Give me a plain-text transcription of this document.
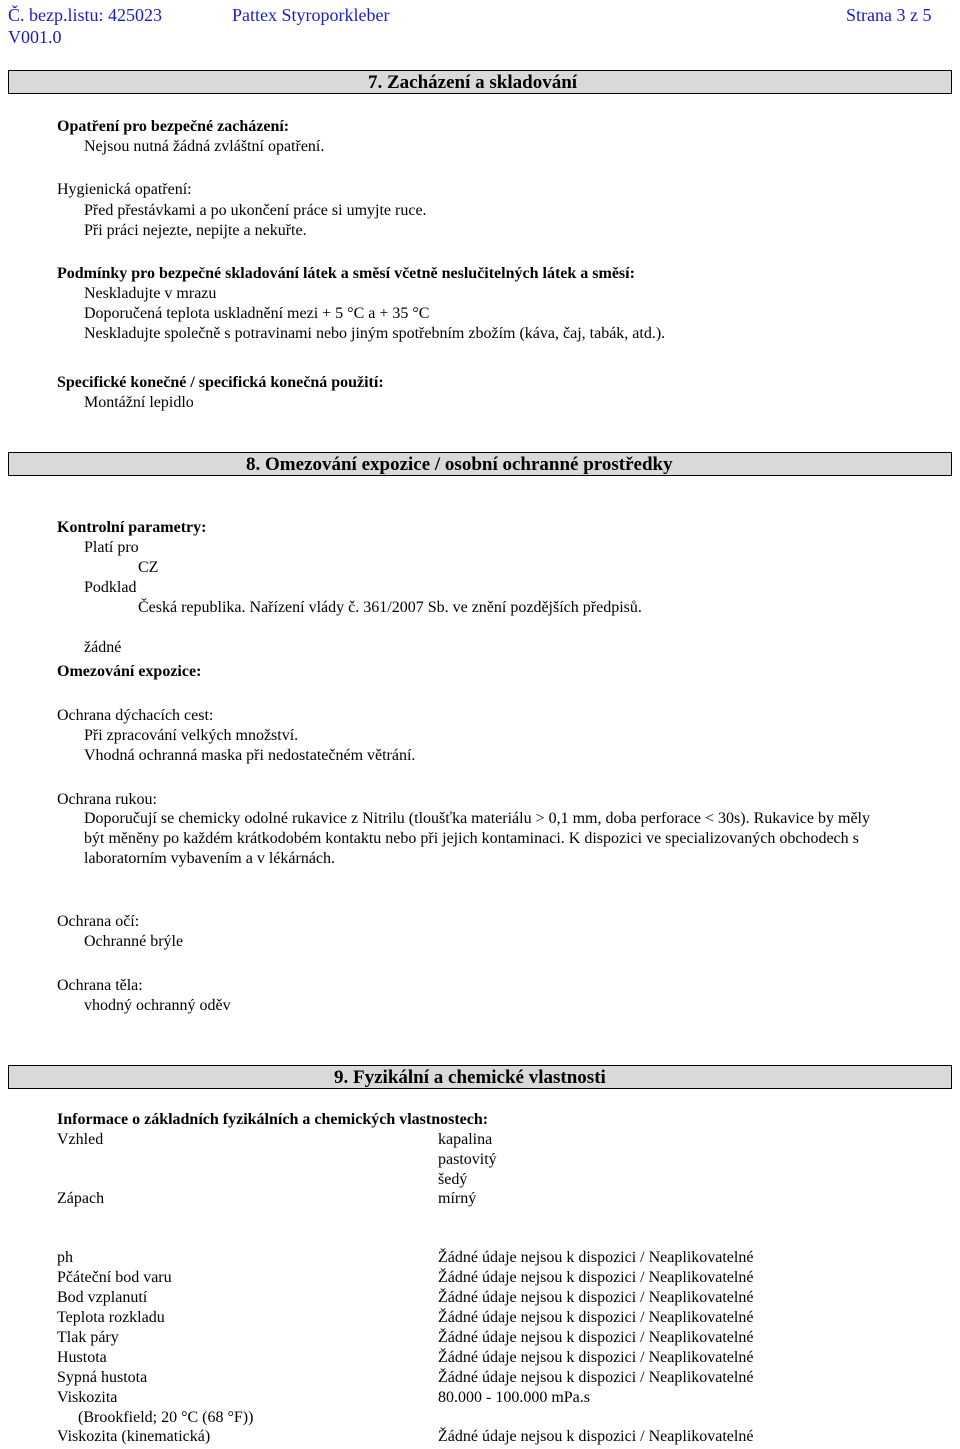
Č. bezp.listu: 425023	Pattex Styroporkleber	Strana 3 z 5
V001.0
7. Zacházení a skladování
Opatření pro bezpečné zacházení:
Nejsou nutná žádná zvláštní opatření.
Hygienická opatření:
Před přestávkami a po ukončení práce si umyjte ruce.
Při práci nejezte, nepijte a nekuřte.
Podmínky pro bezpečné skladování látek a směsí včetně neslučitelných látek a směsí:
Neskladujte v mrazu
Doporučená teplota uskladnění mezi + 5 °C a + 35 °C
Neskladujte společně s potravinami nebo jiným spotřebním zbožím (káva, čaj, tabák, atd.).
Specifické konečné / specifická konečná použití:
Montážní lepidlo
8. Omezování expozice / osobní ochranné prostředky
Kontrolní parametry:
Platí pro
CZ
Podklad
Česká republika. Nařízení vlády č. 361/2007 Sb. ve znění pozdějších předpisů.
žádné
Omezování expozice:
Ochrana dýchacích cest:
Při zpracování velkých množství.
Vhodná ochranná maska při nedostatečném větrání.
Ochrana rukou:
Doporučují se chemicky odolné rukavice z Nitrilu (tloušťka materiálu > 0,1 mm, doba perforace < 30s). Rukavice by měly
být měněny po každém krátkodobém kontaktu nebo při jejich kontaminaci. K dispozici ve specializovaných obchodech s
laboratorním vybavením a v lékárnách.
Ochrana očí:
Ochranné brýle
Ochrana těla:
vhodný ochranný oděv
9. Fyzikální a chemické vlastnosti
Informace o základních fyzikálních a chemických vlastnostech:
Vzhled	kapalina
pastovitý
šedý
Zápach	mírný
ph	Žádné údaje nejsou k dispozici / Neaplikovatelné
Pčáteční bod varu	Žádné údaje nejsou k dispozici / Neaplikovatelné
Bod vzplanutí	Žádné údaje nejsou k dispozici / Neaplikovatelné
Teplota rozkladu	Žádné údaje nejsou k dispozici / Neaplikovatelné
Tlak páry	Žádné údaje nejsou k dispozici / Neaplikovatelné
Hustota	Žádné údaje nejsou k dispozici / Neaplikovatelné
Sypná hustota	Žádné údaje nejsou k dispozici / Neaplikovatelné
Viskozita	80.000 - 100.000 mPa.s
(Brookfield; 20 °C (68 °F))
Viskozita (kinematická)	Žádné údaje nejsou k dispozici / Neaplikovatelné
